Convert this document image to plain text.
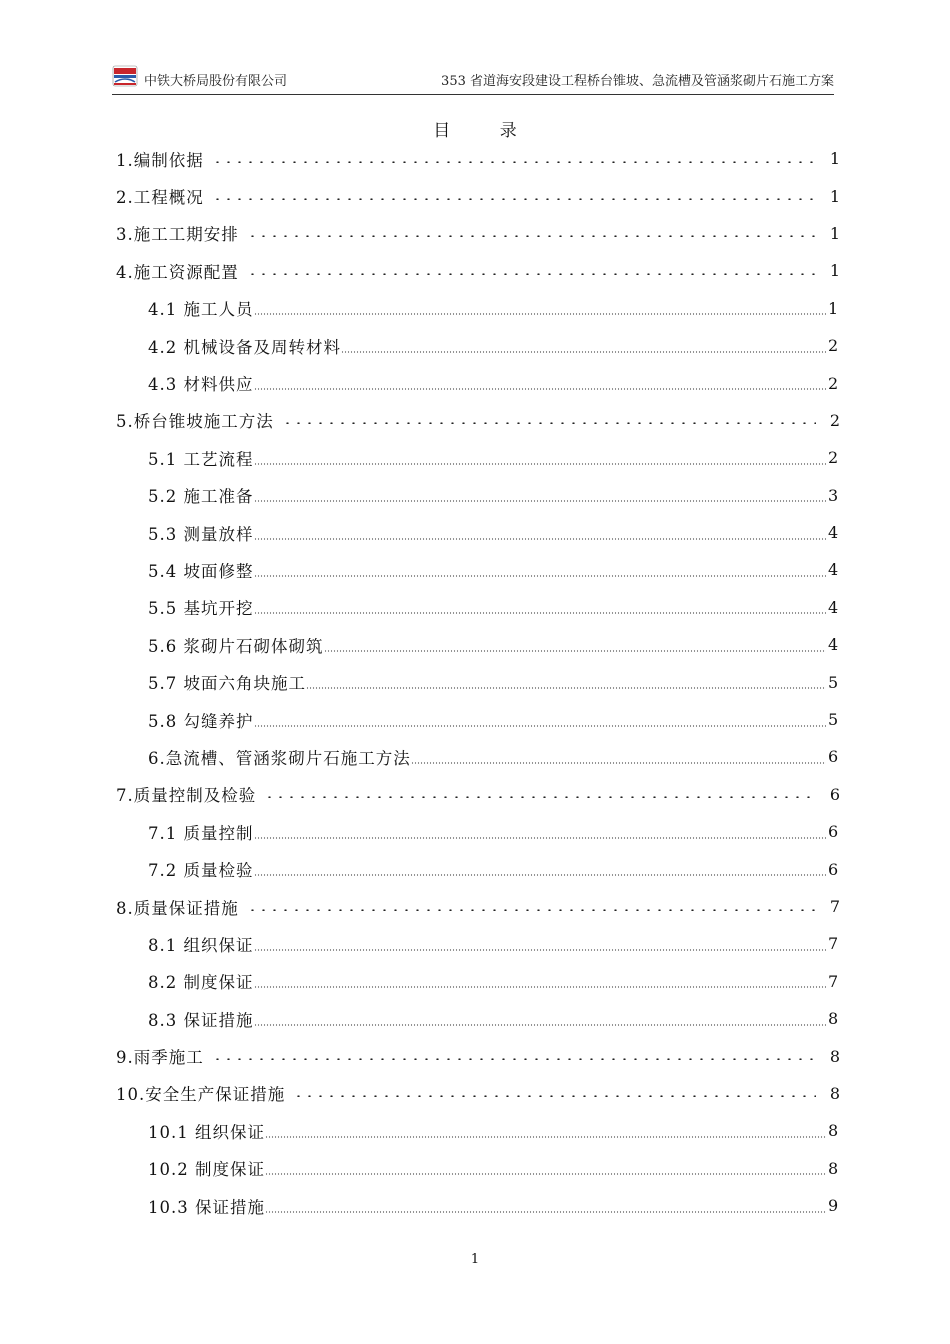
中铁大桥局股份有限公司	353 省道海安段建设工程桥台锥坡、急流槽及管涵浆砌片石施工方案
目 录
1.编制依据	1
2.工程概况	1
3.施工工期安排	1
4.施工资源配置	1
4.1 施工人员	1
4.2 机械设备及周转材料	2
4.3 材料供应	2
5.桥台锥坡施工方法	2
5.1 工艺流程	2
5.2 施工准备	3
5.3 测量放样	4
5.4 坡面修整	4
5.5 基坑开挖	4
5.6 浆砌片石砌体砌筑	4
5.7 坡面六角块施工	5
5.8 勾缝养护	5
6.急流槽、管涵浆砌片石施工方法	6
7.质量控制及检验	6
7.1 质量控制	6
7.2 质量检验	6
8.质量保证措施	7
8.1 组织保证	7
8.2 制度保证	7
8.3 保证措施	8
9.雨季施工	8
10.安全生产保证措施	8
10.1 组织保证	8
10.2 制度保证	8
10.3 保证措施	9
1
